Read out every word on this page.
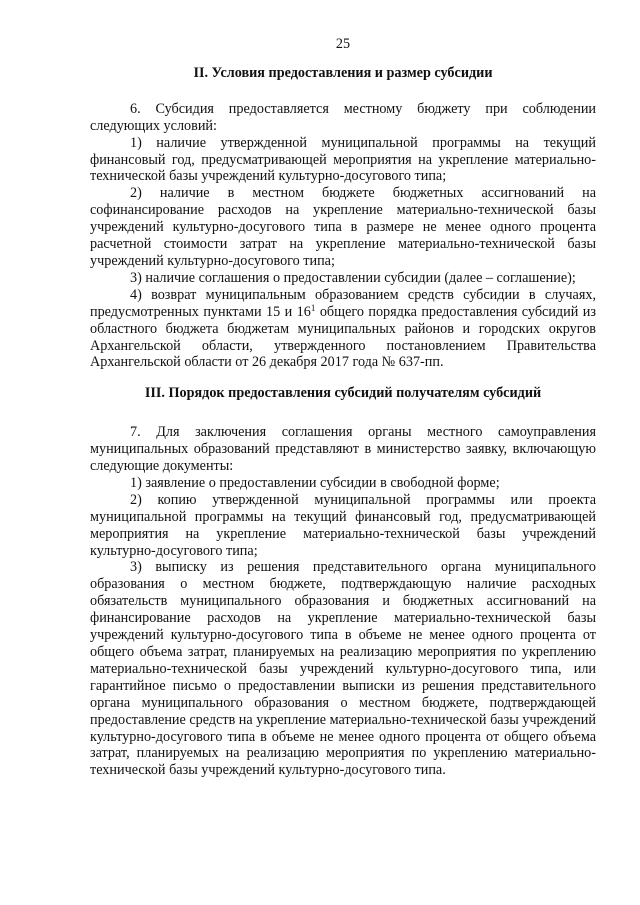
25

II. Условия предоставления и размер субсидии

6. Субсидия предоставляется местному бюджету при соблюдении следующих условий:

1) наличие утвержденной муниципальной программы на текущий финансовый год, предусматривающей мероприятия на укрепление материально-технической базы учреждений культурно-досугового типа;

2) наличие в местном бюджете бюджетных ассигнований на софинансирование расходов на укрепление материально-технической базы учреждений культурно-досугового типа в размере не менее одного процента расчетной стоимости затрат на укрепление материально-технической базы учреждений культурно-досугового типа;

3) наличие соглашения о предоставлении субсидии (далее – соглашение);

4) возврат муниципальным образованием средств субсидии в случаях, предусмотренных пунктами 15 и $16^1$ общего порядка предоставления субсидий из областного бюджета бюджетам муниципальных районов и городских округов Архангельской области, утвержденного постановлением Правительства Архангельской области от 26 декабря 2017 года № 637-пп.

III. Порядок предоставления субсидий получателям субсидий

7. Для заключения соглашения органы местного самоуправления муниципальных образований представляют в министерство заявку, включающую следующие документы:

1) заявление о предоставлении субсидии в свободной форме;

2) копию утвержденной муниципальной программы или проекта муниципальной программы на текущий финансовый год, предусматривающей мероприятия на укрепление материально-технической базы учреждений культурно-досугового типа;

3) выписку из решения представительного органа муниципального образования о местном бюджете, подтверждающую наличие расходных обязательств муниципального образования и бюджетных ассигнований на финансирование расходов на укрепление материально-технической базы учреждений культурно-досугового типа в объеме не менее одного процента от общего объема затрат, планируемых на реализацию мероприятия по укреплению материально-технической базы учреждений культурно-досугового типа, или гарантийное письмо о предоставлении выписки из решения представительного органа муниципального образования о местном бюджете, подтверждающей предоставление средств на укрепление материально-технической базы учреждений культурно-досугового типа в объеме не менее одного процента от общего объема затрат, планируемых на реализацию мероприятия по укреплению материально-технической базы учреждений культурно-досугового типа.
